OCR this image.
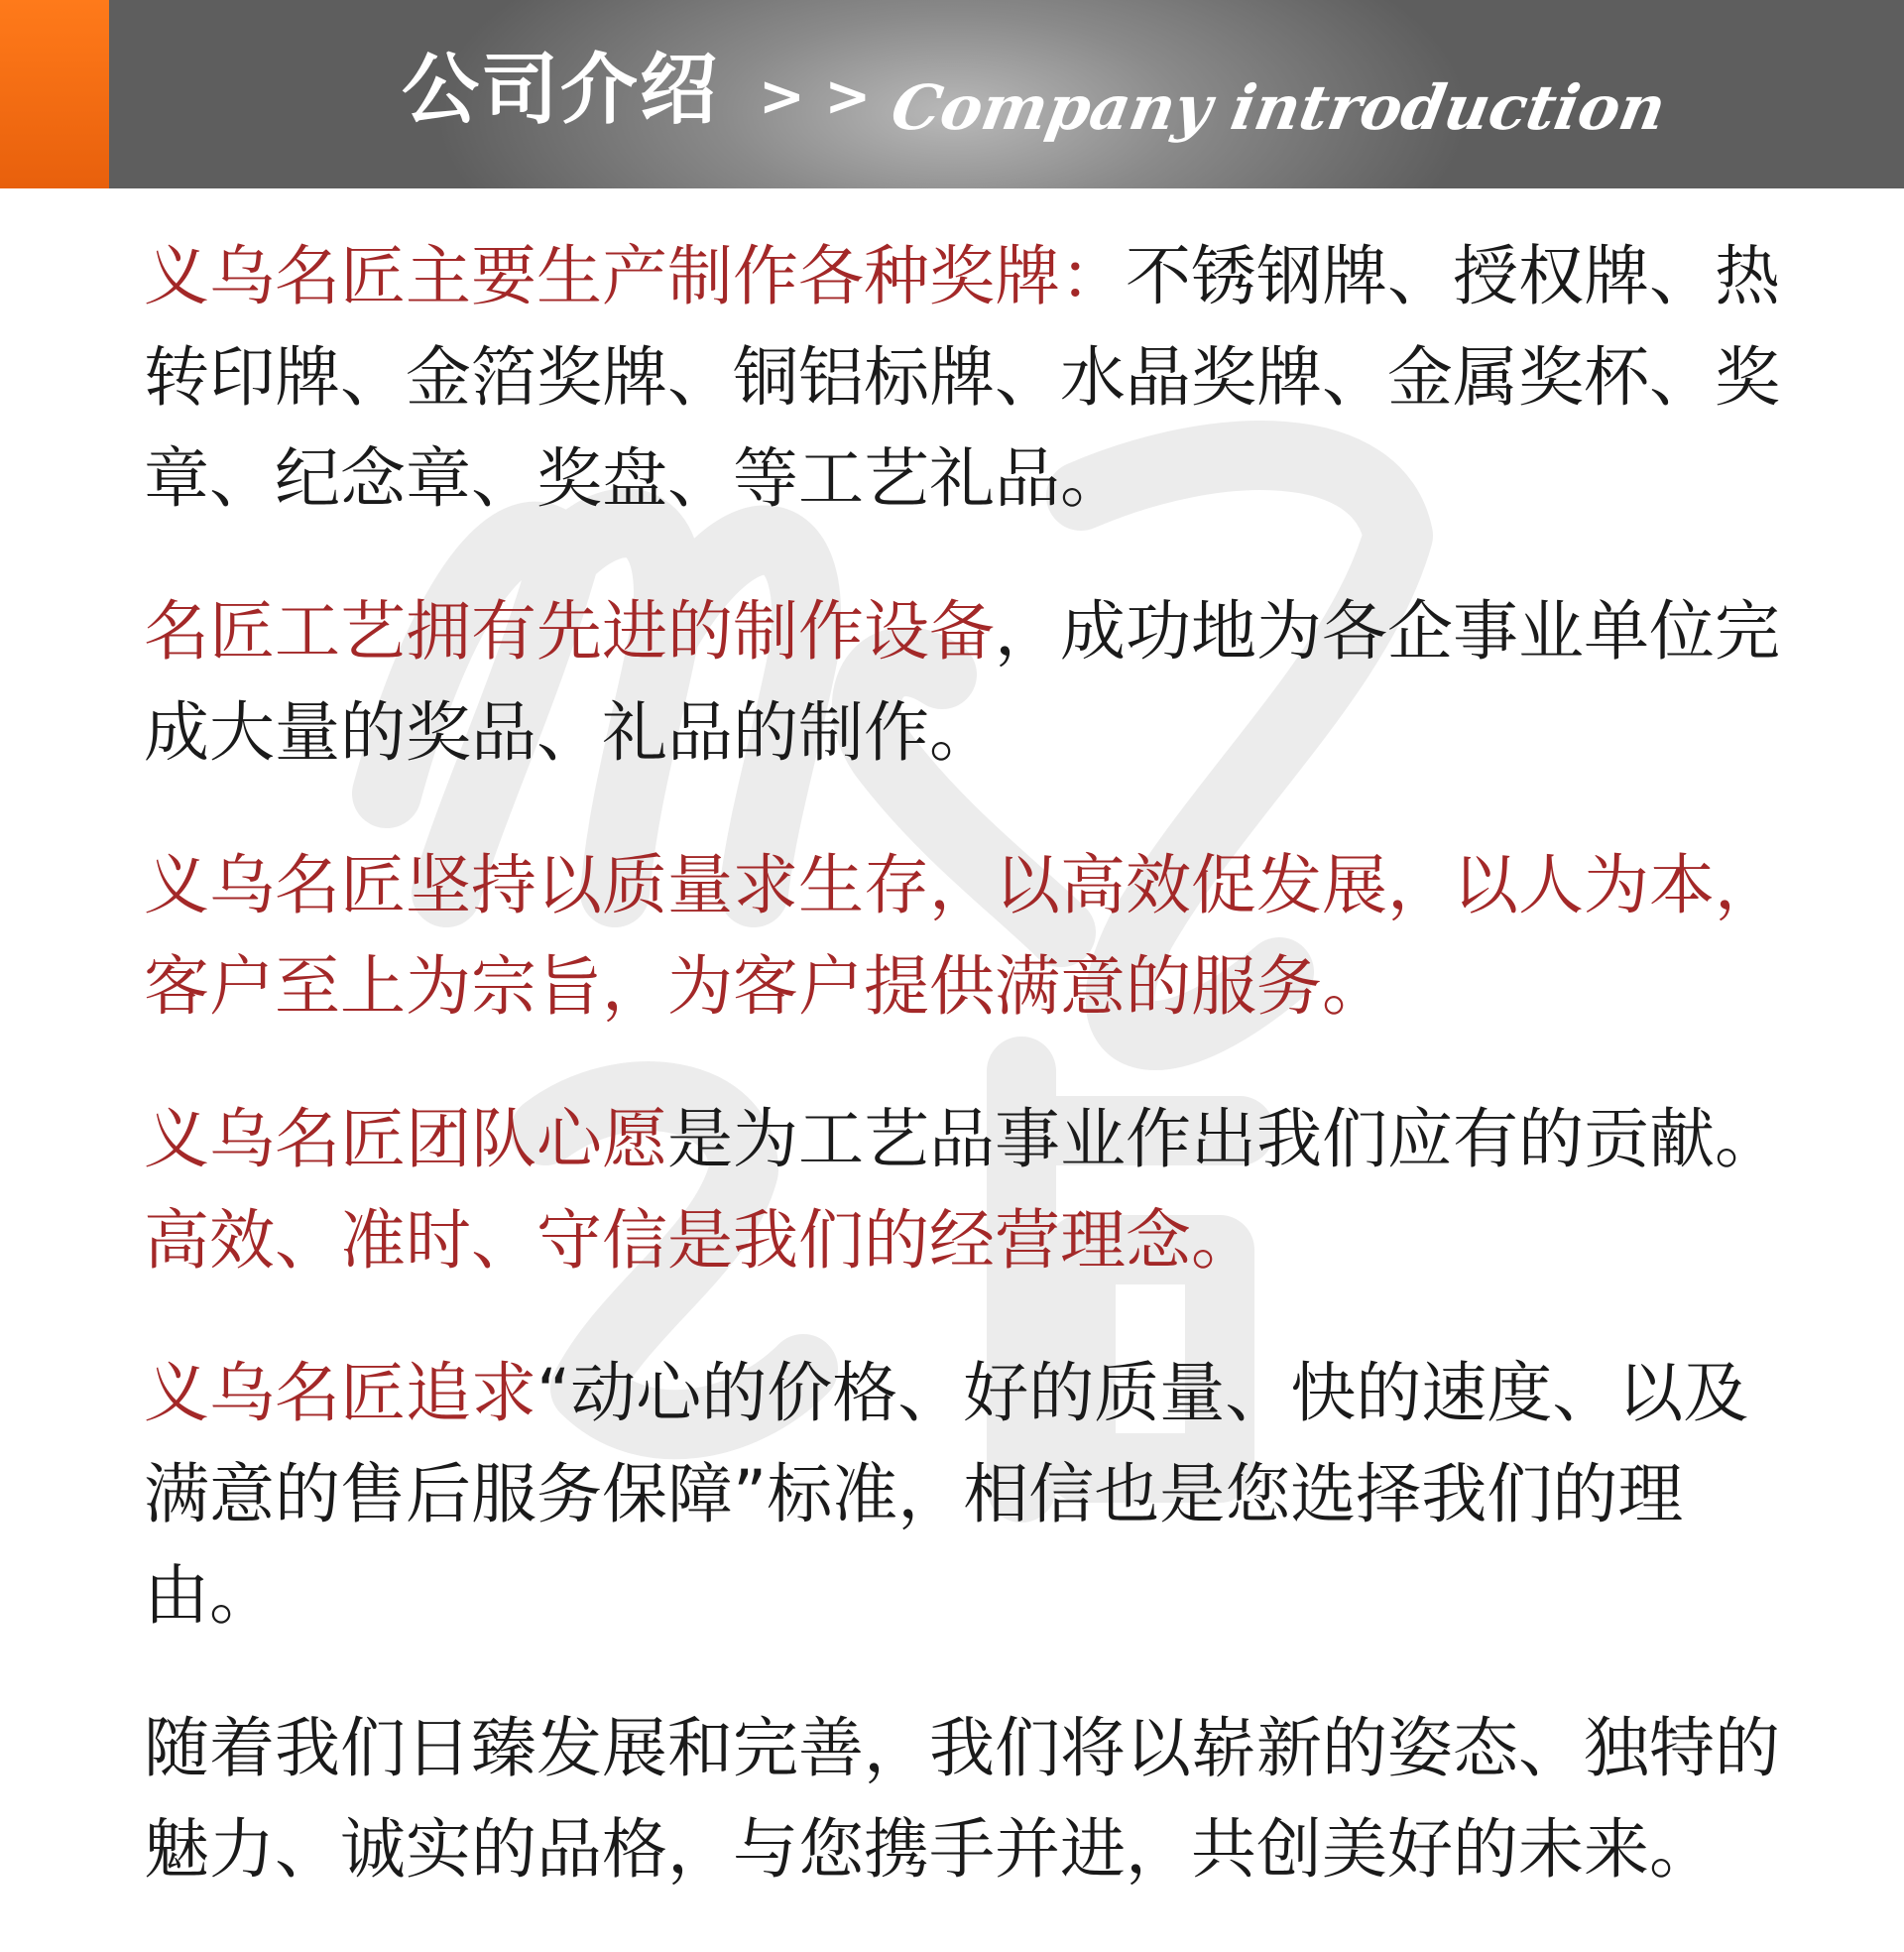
公司介绍 > > Company introduction

义乌名匠主要生产制作各种奖牌：不锈钢牌、授权牌、热转印牌、金箔奖牌、铜铝标牌、水晶奖牌、金属奖杯、奖章、纪念章、奖盘、等工艺礼品。

名匠工艺拥有先进的制作设备，成功地为各企事业单位完成大量的奖品、礼品的制作。

义乌名匠坚持以质量求生存，以高效促发展，以人为本，客户至上为宗旨，为客户提供满意的服务。

义乌名匠团队心愿是为工艺品事业作出我们应有的贡献。
高效、准时、守信是我们的经营理念。

义乌名匠追求“动心的价格、好的质量、快的速度、以及满意的售后服务保障”标准，相信也是您选择我们的理由。

随着我们日臻发展和完善，我们将以崭新的姿态、独特的魅力、诚实的品格，与您携手并进，共创美好的未来。
